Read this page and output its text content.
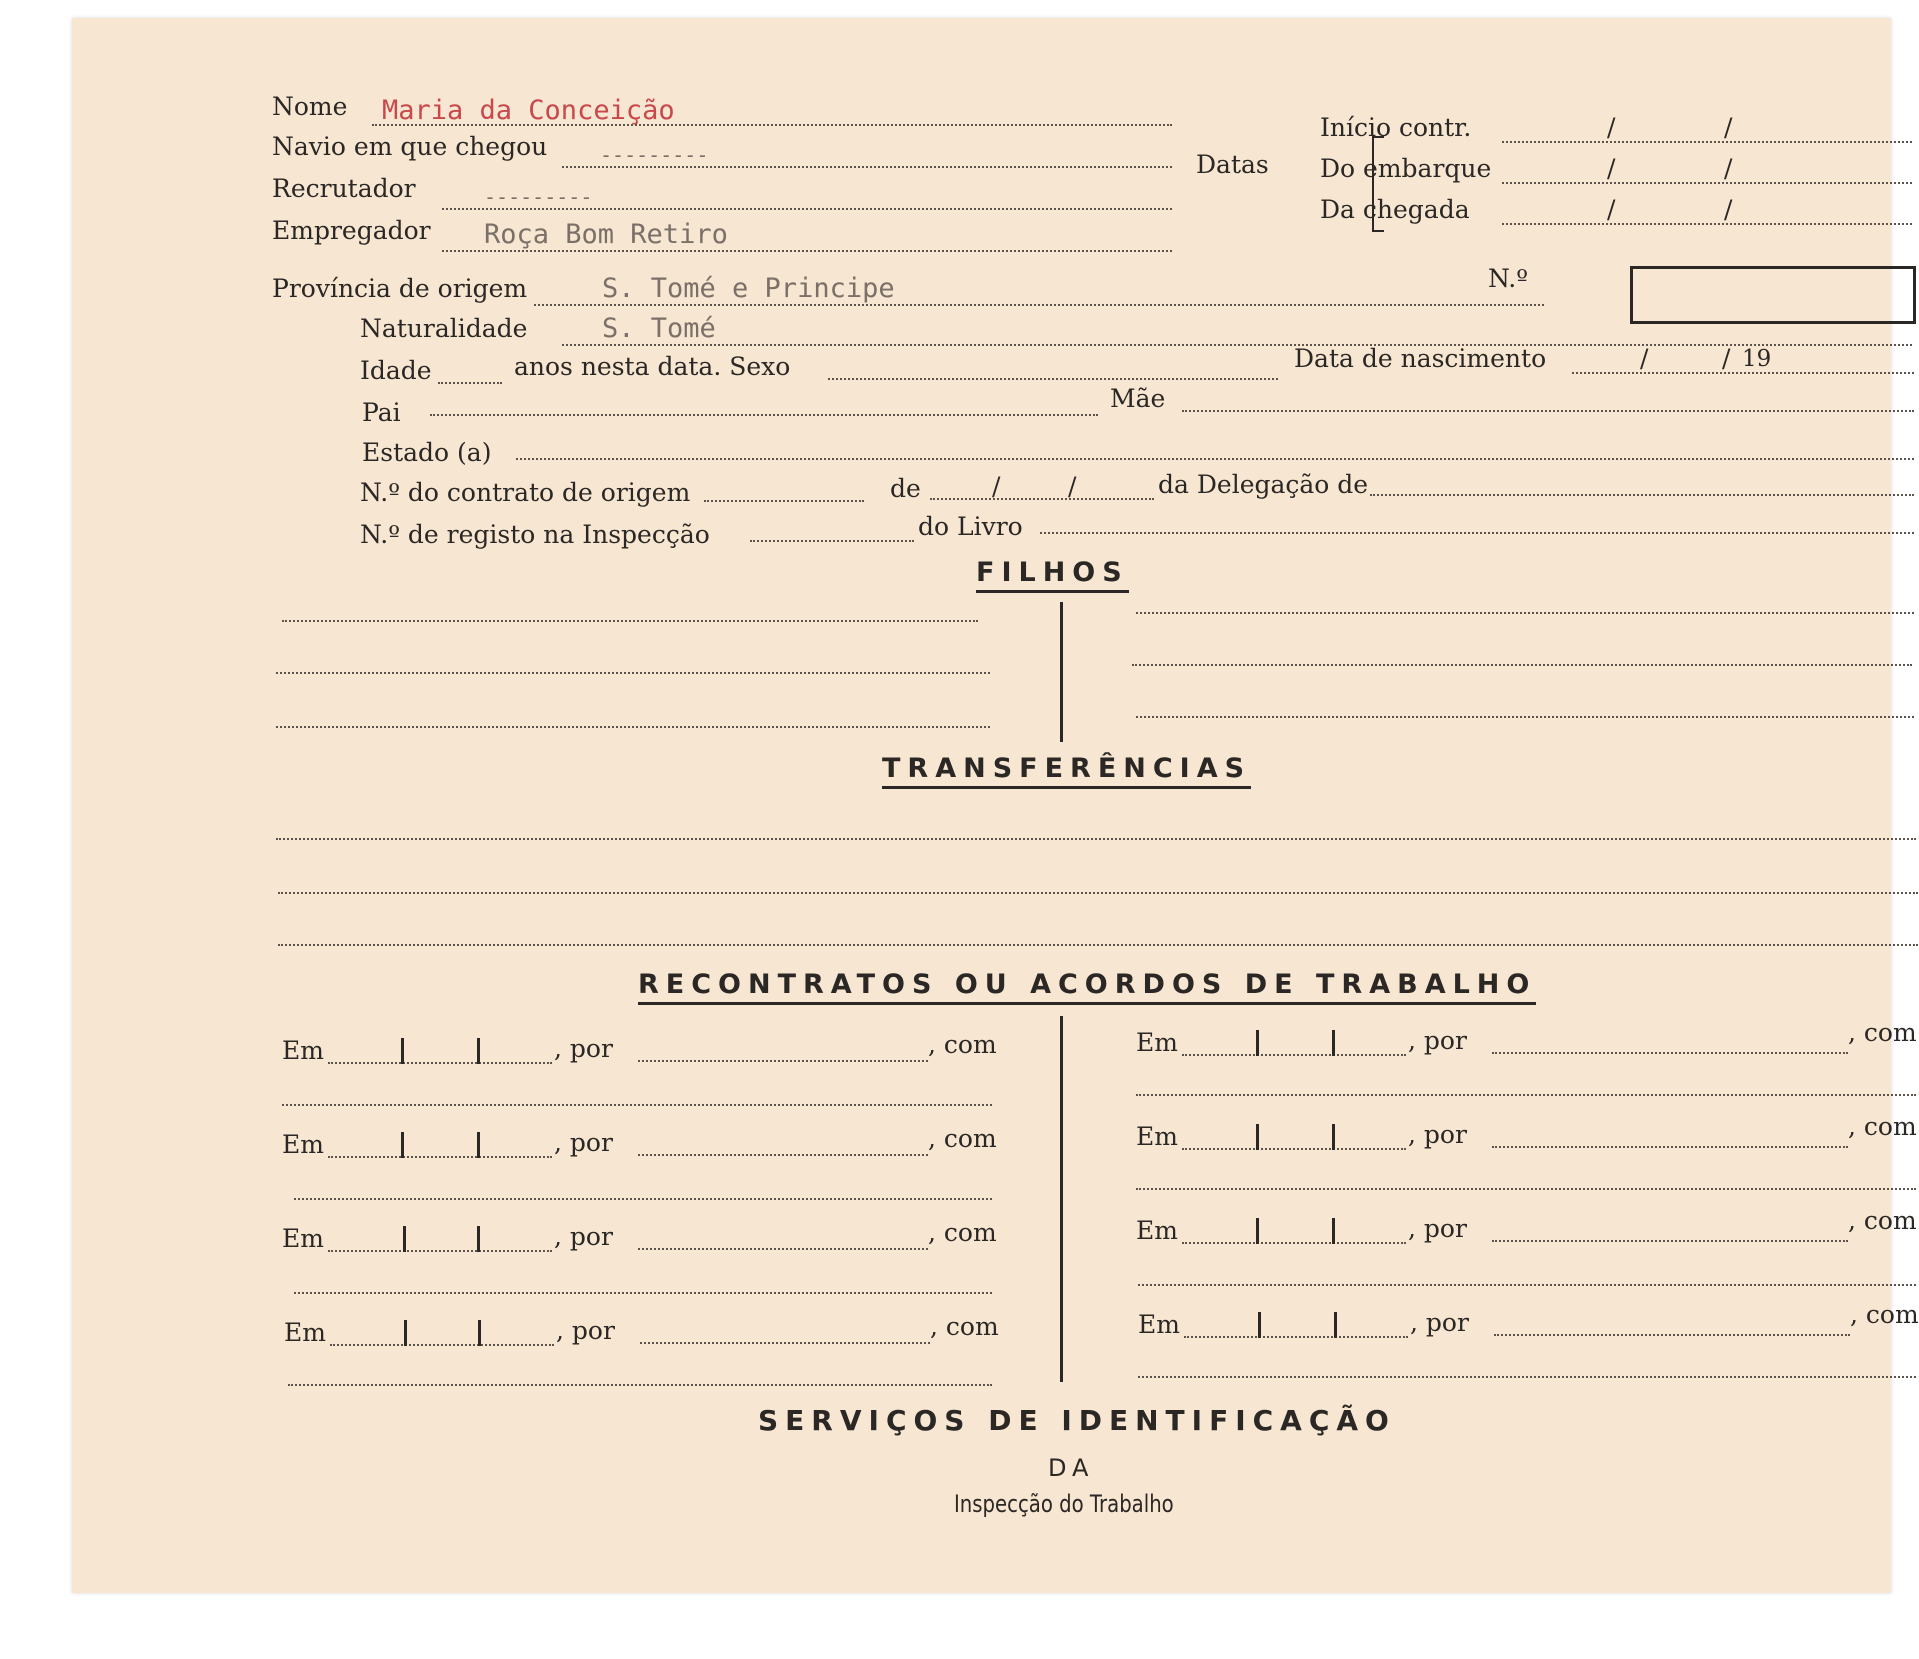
Nome Maria da Conceição
Navio em que chegou	---------
Recrutador	---------
Empregador Roça Bom Retiro
Datas
Início contr.	/	/
Do embarque	/	/
Da chegada	/	/
Província de origem	S. Tomé e Principe	N.º
Naturalidade	S. Tomé
Idade	anos nesta data. Sexo	Data de nascimento	/	/ 19
Pai	Mãe
Estado (a)
N.º do contrato de origem	de	/	/	da Delegação de
N.º de registo na Inspecção	do Livro
FILHOS
TRANSFERÊNCIAS
RECONTRATOS OU ACORDOS DE TRABALHO
Em	, por	, com
Em	, por	, com
Em	, por	, com
Em	, por	, com
Em	, por	, com
Em	, por	, com
Em	, por	, com
Em	, por	, com
SERVIÇOS DE IDENTIFICAÇÃO
DA
Inspecção do Trabalho
